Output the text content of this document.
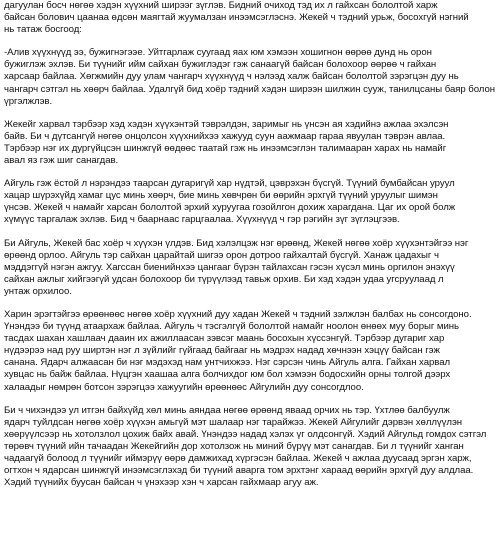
дагуулан босч нөгөө хэдэн хүүхний ширээг зүглэв. Бидний очиход тэд их л гайхсан бололтой харж
байсан болович цаанаа өдсөн маягтай жуумалзан инээмсэглэснэ. Жекей ч тэдний урьж, босохгүй нэгний
нь татаж босгоод:
-Алив хүүхнүүд ээ, бужигнэгээе. Уйтгарлаж суугаад яах юм хэмээн хошигнон өөрөө дунд нь орон
бужиглэж эхлэв. Би түүнийг ийм сайхан бужиглэдэг гэж санаагүй байсан болохоор өөрөө ч гайхан
харсаар байлаа. Хөгжмийн дуу улам чангарч хүүхнүүд ч нэлээд халж байсан бололтой зэрэгцэн дуу нь
чангарч сэтгэл нь хөөрч байлаа. Удалгүй бид хоёр тэдний хэдэн ширээн шилжин сууж, танилцсаны баяр болон
үргэлжлэв.
Жекейг харвал тэрбээр хэд хэдэн хүүхэнтэй тэврэлдэн, заримыг нь үнсэн ая хэдийнэ ажлаа эхэлсэн
байв. Би ч дүтсангүй нөгөө онцолсон хүүхнийхээ хажууд суун аажмаар гараа явуулан тэврэн авлаа.
Тэрбээр нэг их дургүйцсэн шинжгүй өөдөөс таатай гэж нь инээмсэглэн талимаарaн харах нь намайг
авал яз гэж шиг санагдав.
Айгуль гэж ёстой л нэрэндээ таарсан дугаригүй хар нүдтэй, цэврэхэн бүсгүй. Түүний бумбайсан уруул
хацар шүрэхүйд хамаг цус минь хөөрч, бие минь хөвчрөн би өөрийн эрхгүй түүний уруулыг шимэн
үнсэв. Жекей ч намайг харсан бололтой эрхий хуруугаа гозойлгон дохиж харагдана. Цаг их орой болж
хүмүүс таргалаж эхлэв. Бид ч баарнаас гарцгаалаа. Хүүхнүүд ч гэр рэгийн зүг зүглэцгээв.
Би Айгуль, Жекей бас хоёр ч хүүхэн үлдэв. Бид хэлэлцэж нэг өрөөнд, Жекей нөгөө хоёр хүүхэнтэйгээ нэг
өрөөнд орлоо. Айгуль тэр сайхан царайтай шигээ орон дотроо гайхалтай бүсгүй. Ханаж цадахыг ч
мэддэггүй нэгэн ажгуу. Хагссан биенийнхээ цангааг бүрэн тайлахсан гэсэн хүсэл минь оргилон энэхүү
сайхан ажлыг хийгээгүй удсан болохоор би түрүүлээд тавьж орхив. Би хэд хэдэн удаа угсруулаад л
унтаж орхилоо.
Харин эрэгтэйгээ өрөөнөөс нөгөө хоёр хүүхний дуу хадан Жекей ч тэдний зэлжлэн балбах нь сонсогдоно.
Үнэндээ би түүнд атаархаж байлаа. Айгуль ч тэсгэлгүй бололтой намайг ноолон өнөөх муу борыг минь
тасдах шахан хашлаач дааин их ажиллаасан зэвсэг маань босохын хүссэнгүй. Тэрбээр дугариг хар
нүдээрээ над руу ширтэн нэг л зүйлийг гүйгаад байгааг нь мэдрэх надад хөчнээн хэцүү байсан гэж
санана. Ядарч алжаасан би нэг мэдэхэд нам унтчихжээ. Нэг сэрсэн чинь Айгуль алга. Гайхан харвал
хувцас нь байж байлаа. Нүцгэн хаашаа алга болчихдог юм бол хэмээн бодосхийн орны толгой дээрх
халаадыг нөмрөн ботсон зэрэгцээ хажуугийн өрөөнөөс Айгулийн дуу сонсогдлоо.
Би ч чихэндээ ул итгэн байхүйд хөл минь аяндаа нөгөө өрөөнд явaад орчих нь тэр. Үхтлөө балбуулж
ядарч туйлдсан нөгөө хоёр хүүхэн амьгүй мэт шалаар нэг тарайжээ. Жекей Айгулийг дэрвэн хөллүүлэн
хөөрүүлсээр нь хотолзлол цохиж байх авай. Үнэндээ надад хэлэх үг олдсонгүй. Хэдий Айгульд гомдох сэтгэл
төрөвч түүний ийн тачаадан Жекейгийн дор хотолзож нь миний бүрүү мэт санагдав. Би л түүнийг ханган
чадаагүй болоод л түүнийг иймэрүү өөрө дамжихад хүргэсэн байлаа. Жекей ч ажлаа дуусаад эргэн харж,
огтхон ч ядарсан шинжгүй инээмсэглэхэд би түүний аварга том эрхтэнг хараад өөрийн эрхгүй дуу алдлаа.
Хэдий түүнийх буусан байсан ч үнэхээр хэн ч харсан гайхмаар агуу аж.
